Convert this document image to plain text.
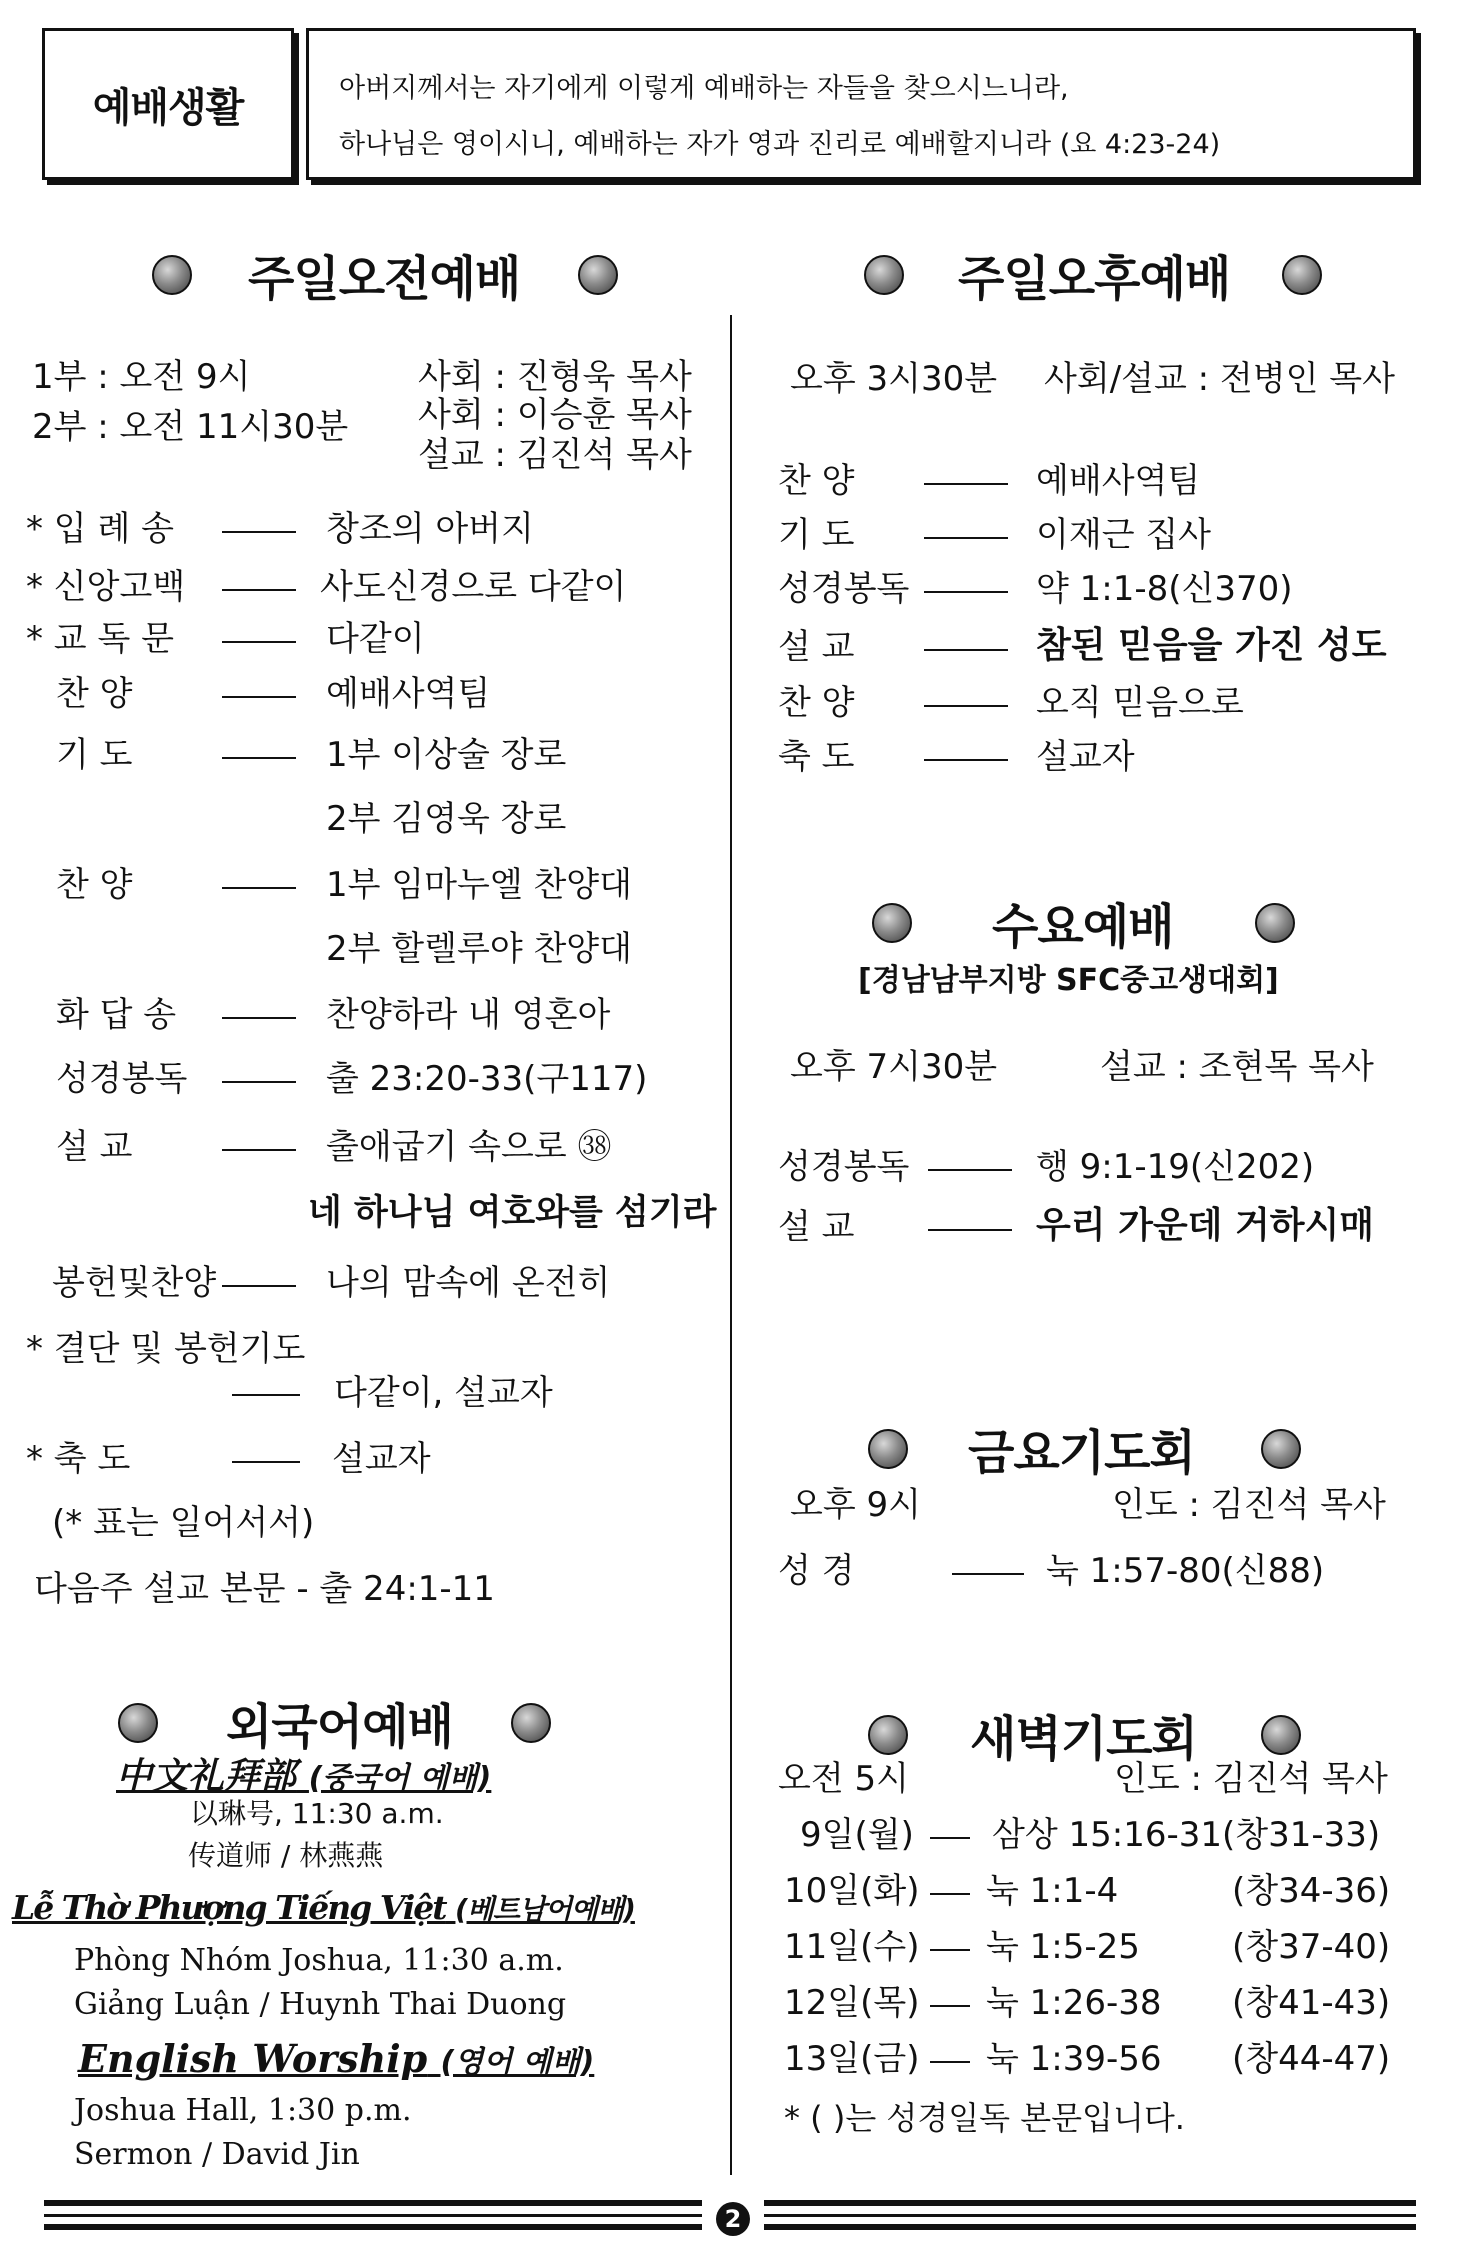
예배생활	아버지께서는 자기에게 이렇게 예배하는 자들을 찾으시느니라,
하나님은 영이시니, 예배하는 자가 영과 진리로 예배할지니라 (요 4:23-24)
주일오전예배
1부 : 오전 9시
2부 : 오전 11시30분
사회 : 진형욱 목사
사회 : 이승훈 목사
설교 : 김진석 목사
* 입 례 송	창조의 아버지
* 신앙고백	사도신경으로 다같이
* 교 독 문	다같이
찬 양	예배사역팀
기 도	1부 이상술 장로
2부 김영욱 장로
찬 양	1부 임마누엘 찬양대
2부 할렐루야 찬양대
화 답 송	찬양하라 내 영혼아
성경봉독	출 23:20-33(구117)
설 교	출애굽기 속으로 ㊳
네 하나님 여호와를 섬기라
봉헌및찬양	나의 맘속에 온전히
* 결단 및 봉헌기도
다같이, 설교자
* 축 도	설교자
(* 표는 일어서서)
다음주 설교 본문 - 출 24:1-11
외국어예배
中文礼拜部 (중국어 예배)
以琳号, 11:30 a.m.
传道师 / 林燕燕
Lễ Thờ Phượng Tiếng Việt (베트남어예배)
Phòng Nhóm Joshua, 11:30 a.m.
Giảng Luận / Huynh Thai Duong
English Worship (영어 예배)
Joshua Hall, 1:30 p.m.
Sermon / David Jin
주일오후예배
오후 3시30분 사회/설교 : 전병인 목사
찬 양	예배사역팀
기 도	이재근 집사
성경봉독	약 1:1-8(신370)
설 교	참된 믿음을 가진 성도
찬 양	오직 믿음으로
축 도	설교자
수요예배
[경남남부지방 SFC중고생대회]
오후 7시30분	설교 : 조현목 목사
성경봉독	행 9:1-19(신202)
설 교	우리 가운데 거하시매
금요기도회
오후 9시	인도 : 김진석 목사
성 경	눅 1:57-80(신88)
새벽기도회
오전 5시	인도 : 김진석 목사
9일(월) 삼상 15:16-31(창31-33)
10일(화) 눅 1:1-4	(창34-36)
11일(수) 눅 1:5-25	(창37-40)
12일(목) 눅 1:26-38 (창41-43)
13일(금) 눅 1:39-56 (창44-47)
* ( )는 성경일독 본문입니다.
2
